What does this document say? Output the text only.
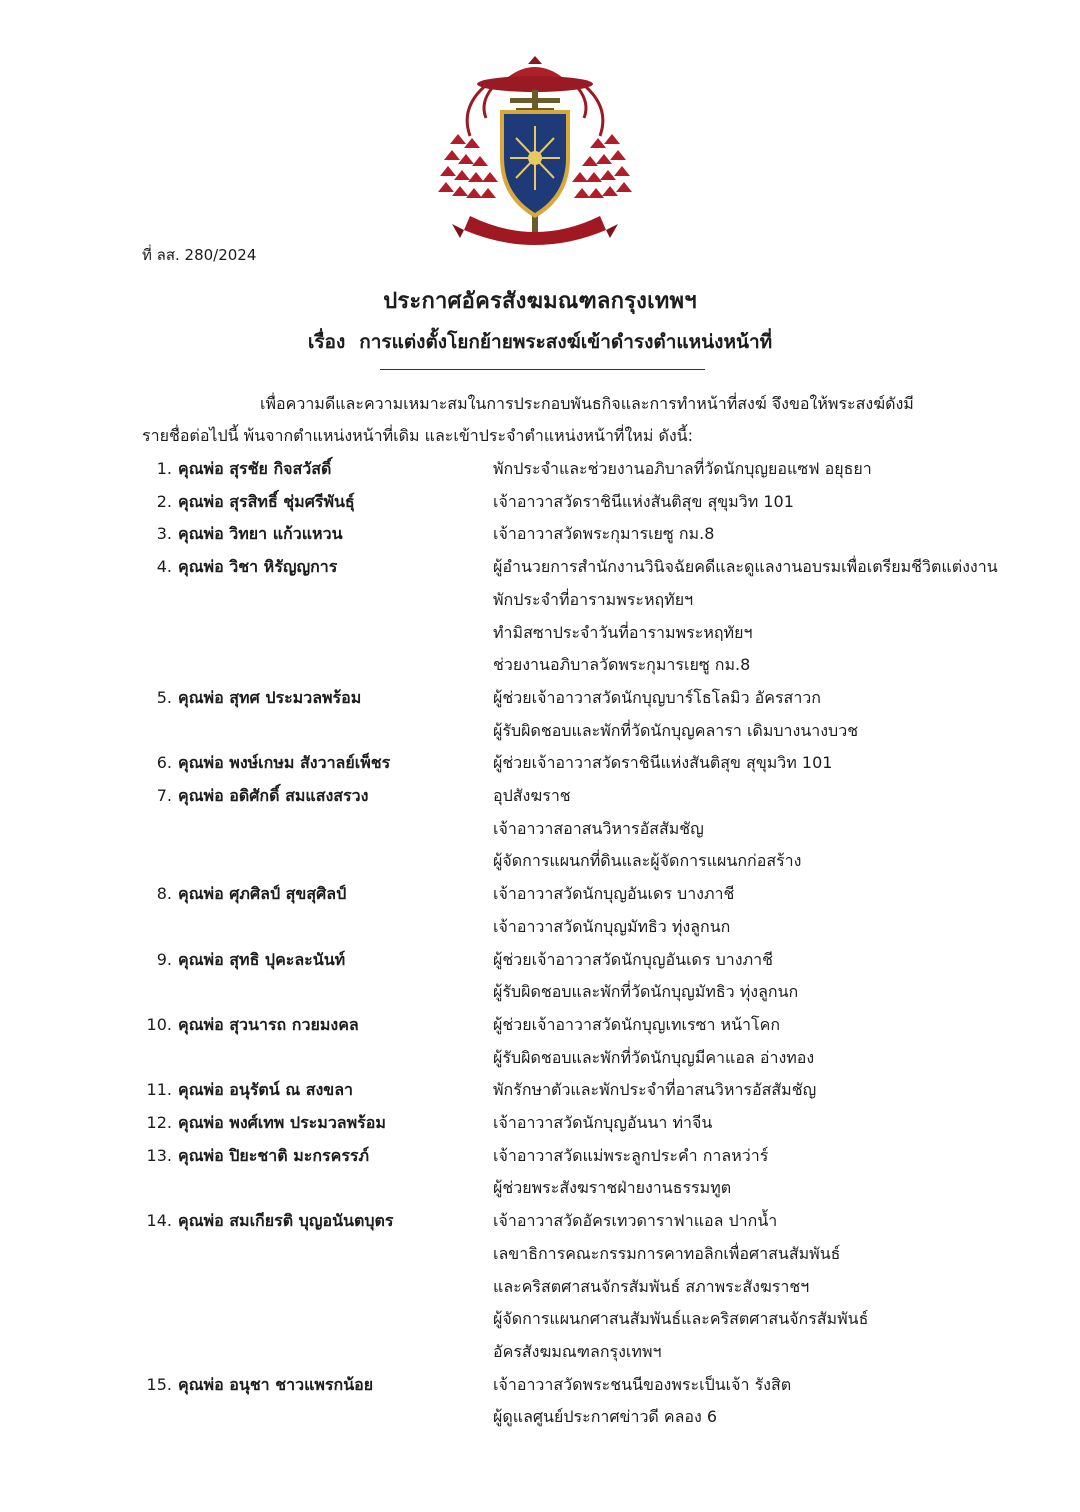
ที่ ลส. 280/2024
ประกาศอัครสังฆมณฑลกรุงเทพฯ
เรื่อง การแต่งตั้งโยกย้ายพระสงฆ์เข้าดำรงตำแหน่งหน้าที่
เพื่อความดีและความเหมาะสมในการประกอบพันธกิจและการทำหน้าที่สงฆ์ จึงขอให้พระสงฆ์ดังมี
รายชื่อต่อไปนี้ พ้นจากตำแหน่งหน้าที่เดิม และเข้าประจำตำแหน่งหน้าที่ใหม่ ดังนี้:
1. คุณพ่อ สุรชัย กิจสวัสดิ์	พักประจำและช่วยงานอภิบาลที่วัดนักบุญยอแซฟ อยุธยา
2. คุณพ่อ สุรสิทธิ์ ชุ่มศรีพันธุ์	เจ้าอาวาสวัดราชินีแห่งสันติสุข สุขุมวิท 101
3. คุณพ่อ วิทยา แก้วแหวน	เจ้าอาวาสวัดพระกุมารเยซู กม.8
4. คุณพ่อ วิชา หิรัญญการ	ผู้อำนวยการสำนักงานวินิจฉัยคดีและดูแลงานอบรมเพื่อเตรียมชีวิตแต่งงาน
พักประจำที่อารามพระหฤทัยฯ
ทำมิสซาประจำวันที่อารามพระหฤทัยฯ
ช่วยงานอภิบาลวัดพระกุมารเยซู กม.8
5. คุณพ่อ สุทศ ประมวลพร้อม	ผู้ช่วยเจ้าอาวาสวัดนักบุญบาร์โธโลมิว อัครสาวก
ผู้รับผิดชอบและพักที่วัดนักบุญคลารา เดิมบางนางบวช
6. คุณพ่อ พงษ์เกษม สังวาลย์เพ็ชร	ผู้ช่วยเจ้าอาวาสวัดราชินีแห่งสันติสุข สุขุมวิท 101
7. คุณพ่อ อดิศักดิ์ สมแสงสรวง	อุปสังฆราช
เจ้าอาวาสอาสนวิหารอัสสัมชัญ
ผู้จัดการแผนกที่ดินและผู้จัดการแผนกก่อสร้าง
8. คุณพ่อ ศุภศิลป์ สุขสุศิลป์	เจ้าอาวาสวัดนักบุญอันเดร บางภาชี
เจ้าอาวาสวัดนักบุญมัทธิว ทุ่งลูกนก
9. คุณพ่อ สุทธิ ปุคะละนันท์	ผู้ช่วยเจ้าอาวาสวัดนักบุญอันเดร บางภาชี
ผู้รับผิดชอบและพักที่วัดนักบุญมัทธิว ทุ่งลูกนก
10. คุณพ่อ สุวนารถ กวยมงคล	ผู้ช่วยเจ้าอาวาสวัดนักบุญเทเรซา หน้าโคก
ผู้รับผิดชอบและพักที่วัดนักบุญมีคาแอล อ่างทอง
11. คุณพ่อ อนุรัตน์ ณ สงขลา	พักรักษาตัวและพักประจำที่อาสนวิหารอัสสัมชัญ
12. คุณพ่อ พงศ์เทพ ประมวลพร้อม	เจ้าอาวาสวัดนักบุญอันนา ท่าจีน
13. คุณพ่อ ปิยะชาติ มะกรครรภ์	เจ้าอาวาสวัดแม่พระลูกประคำ กาลหว่าร์
ผู้ช่วยพระสังฆราชฝ่ายงานธรรมทูต
14. คุณพ่อ สมเกียรติ บุญอนันตบุตร	เจ้าอาวาสวัดอัครเทวดาราฟาแอล ปากน้ำ
เลขาธิการคณะกรรมการคาทอลิกเพื่อศาสนสัมพันธ์
และคริสตศาสนจักรสัมพันธ์ สภาพระสังฆราชฯ
ผู้จัดการแผนกศาสนสัมพันธ์และคริสตศาสนจักรสัมพันธ์
อัครสังฆมณฑลกรุงเทพฯ
15. คุณพ่อ อนุชา ชาวแพรกน้อย	เจ้าอาวาสวัดพระชนนีของพระเป็นเจ้า รังสิต
ผู้ดูแลศูนย์ประกาศข่าวดี คลอง 6
